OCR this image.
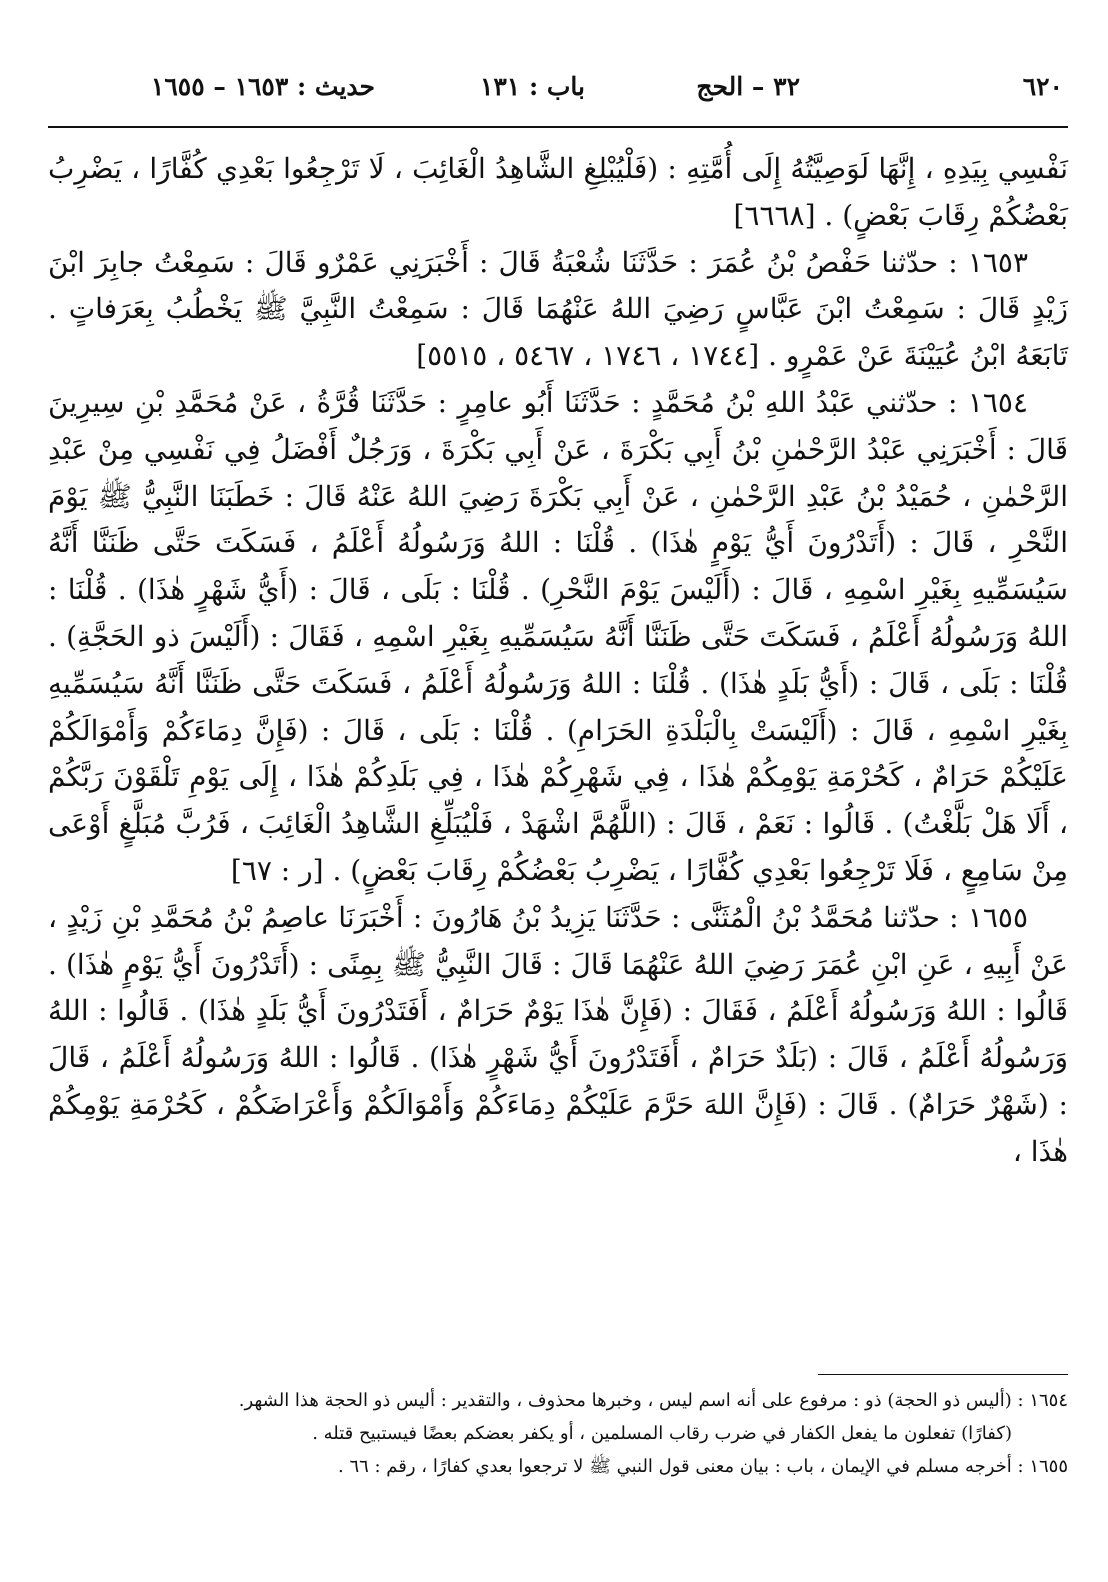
٦٢٠
٣٢ – الحج
باب : ١٣١
حديث : ١٦٥٣ – ١٦٥٥

نَفْسِي بِيَدِهِ ، إِنَّهَا لَوَصِيَّتُهُ إِلَى أُمَّتِهِ : (فَلْيُبْلِغِ الشَّاهِدُ الْغَائِبَ ، لَا تَرْجِعُوا بَعْدِي كُفَّارًا ، يَضْرِبُ بَعْضُكُمْ رِقَابَ بَعْضٍ) . [٦٦٦٨]

١٦٥٣ : حدّثنا حَفْصُ بْنُ عُمَرَ : حَدَّثَنَا شُعْبَةُ قَالَ : أَخْبَرَنِي عَمْرٌو قَالَ : سَمِعْتُ جابِرَ ابْنَ زَيْدٍ قَالَ : سَمِعْتُ ابْنَ عَبَّاسٍ رَضِيَ اللهُ عَنْهُمَا قَالَ : سَمِعْتُ النَّبِيَّ ﷺ يَخْطُبُ بِعَرَفاتٍ . تَابَعَهُ ابْنُ عُيَيْنَةَ عَنْ عَمْرٍو . [١٧٤٤ ، ١٧٤٦ ، ٥٤٦٧ ، ٥٥١٥]

١٦٥٤ : حدّثني عَبْدُ اللهِ بْنُ مُحَمَّدٍ : حَدَّثَنَا أَبُو عامِرٍ : حَدَّثَنَا قُرَّةُ ، عَنْ مُحَمَّدِ بْنِ سِيرِينَ قَالَ : أَخْبَرَنِي عَبْدُ الرَّحْمٰنِ بْنُ أَبِي بَكْرَةَ ، عَنْ أَبِي بَكْرَةَ ، وَرَجُلٌ أَفْضَلُ فِي نَفْسِي مِنْ عَبْدِ الرَّحْمٰنِ ، حُمَيْدُ بْنُ عَبْدِ الرَّحْمٰنِ ، عَنْ أَبِي بَكْرَةَ رَضِيَ اللهُ عَنْهُ قَالَ : خَطَبَنَا النَّبِيُّ ﷺ يَوْمَ النَّحْرِ ، قَالَ : (أَتَدْرُونَ أَيُّ يَوْمٍ هٰذَا) . قُلْنَا : اللهُ وَرَسُولُهُ أَعْلَمُ ، فَسَكَتَ حَتَّى ظَنَنَّا أَنَّهُ سَيُسَمِّيهِ بِغَيْرِ اسْمِهِ ، قَالَ : (أَلَيْسَ يَوْمَ النَّحْرِ) . قُلْنَا : بَلَى ، قَالَ : (أَيُّ شَهْرٍ هٰذَا) . قُلْنَا : اللهُ وَرَسُولُهُ أَعْلَمُ ، فَسَكَتَ حَتَّى ظَنَنَّا أَنَّهُ سَيُسَمِّيهِ بِغَيْرِ اسْمِهِ ، فَقَالَ : (أَلَيْسَ ذو الحَجَّةِ) . قُلْنَا : بَلَى ، قَالَ : (أَيُّ بَلَدٍ هٰذَا) . قُلْنَا : اللهُ وَرَسُولُهُ أَعْلَمُ ، فَسَكَتَ حَتَّى ظَنَنَّا أَنَّهُ سَيُسَمِّيهِ بِغَيْرِ اسْمِهِ ، قَالَ : (أَلَيْسَتْ بِالْبَلْدَةِ الحَرَامِ) . قُلْنَا : بَلَى ، قَالَ : (فَإِنَّ دِمَاءَكُمْ وَأَمْوَالَكُمْ عَلَيْكُمْ حَرَامٌ ، كَحُرْمَةِ يَوْمِكُمْ هٰذَا ، فِي شَهْرِكُمْ هٰذَا ، فِي بَلَدِكُمْ هٰذَا ، إِلَى يَوْمِ تَلْقَوْنَ رَبَّكُمْ ، أَلَا هَلْ بَلَّغْتُ) . قَالُوا : نَعَمْ ، قَالَ : (اللَّهُمَّ اشْهَدْ ، فَلْيُبَلِّغِ الشَّاهِدُ الْغَائِبَ ، فَرُبَّ مُبَلَّغٍ أَوْعَى مِنْ سَامِعٍ ، فَلَا تَرْجِعُوا بَعْدِي كُفَّارًا ، يَضْرِبُ بَعْضُكُمْ رِقَابَ بَعْضٍ) . [ر : ٦٧]

١٦٥٥ : حدّثنا مُحَمَّدُ بْنُ الْمُثَنَّى : حَدَّثَنَا يَزِيدُ بْنُ هَارُونَ : أَخْبَرَنَا عاصِمُ بْنُ مُحَمَّدِ بْنِ زَيْدٍ ، عَنْ أَبِيهِ ، عَنِ ابْنِ عُمَرَ رَضِيَ اللهُ عَنْهُمَا قَالَ : قَالَ النَّبِيُّ ﷺ بِمِنًى : (أَتَدْرُونَ أَيُّ يَوْمٍ هٰذَا) . قَالُوا : اللهُ وَرَسُولُهُ أَعْلَمُ ، فَقَالَ : (فَإِنَّ هٰذَا يَوْمٌ حَرَامٌ ، أَفَتَدْرُونَ أَيُّ بَلَدٍ هٰذَا) . قَالُوا : اللهُ وَرَسُولُهُ أَعْلَمُ ، قَالَ : (بَلَدٌ حَرَامٌ ، أَفَتَدْرُونَ أَيُّ شَهْرٍ هٰذَا) . قَالُوا : اللهُ وَرَسُولُهُ أَعْلَمُ ، قَالَ : (شَهْرٌ حَرَامٌ) . قَالَ : (فَإِنَّ اللهَ حَرَّمَ عَلَيْكُمْ دِمَاءَكُمْ وَأَمْوَالَكُمْ وَأَعْرَاضَكُمْ ، كَحُرْمَةِ يَوْمِكُمْ هٰذَا ،

١٦٥٤ : (أليس ذو الحجة) ذو : مرفوع على أنه اسم ليس ، وخبرها محذوف ، والتقدير : أليس ذو الحجة هذا الشهر.

(كفارًا) تفعلون ما يفعل الكفار في ضرب رقاب المسلمين ، أو يكفر بعضكم بعضًا فيستبيح قتله .

١٦٥٥ : أخرجه مسلم في الإيمان ، باب : بيان معنى قول النبي ﷺ لا ترجعوا بعدي كفارًا ، رقم : ٦٦ .
